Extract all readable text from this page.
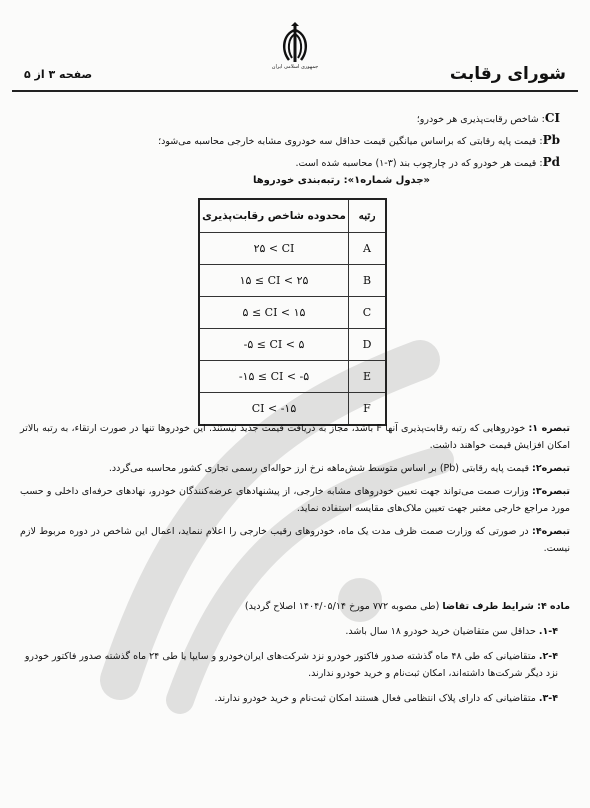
جمهوری اسلامی ایران	شورای رقابت
صفحه ۳ از ۵
CI: شاخص رقابت‌پذیری هر خودرو؛
Pb: قیمت پایه رقابتی که براساس میانگین قیمت حداقل سه خودروی مشابه خارجی محاسبه می‌شود؛
Pd: قیمت هر خودرو که در چارچوب بند (۳-۱) محاسبه شده است.
«جدول شماره۱»: رتبه‌بندی خودروها
رتبه	محدوده شاخص رقابت‌پذیری
A	۲۵ < CI
B	۱۵ ≤ CI < ۲۵
C	۵ ≤ CI < ۱۵
D	-۵ ≤ CI < ۵
E	-۱۵ ≤ CI < -۵
F	CI < -۱۵
تبصره ۱: خودروهایی که رتبه رقابت‌پذیری آنها F باشد، مجاز به دریافت قیمت جدید نیستند. این خودروها تنها در صورت ارتقاء، به رتبه بالاتر امکان افزایش قیمت خواهند داشت.
تبصره۲: قیمت پایه رقابتی (Pb) بر اساس متوسط شش‌ماهه نرخ ارز حواله‌ای رسمی تجاری کشور محاسبه می‌گردد.
تبصره۳: وزارت صمت می‌تواند جهت تعیین خودروهای مشابه خارجی، از پیشنهادهای عرضه‌کنندگان خودرو، نهادهای حرفه‌ای داخلی و حسب مورد مراجع خارجی معتبر جهت تعیین ملاک‌های مقایسه استفاده نماید.
تبصره۴: در صورتی که وزارت صمت ظرف مدت یک ماه، خودروهای رقیب خارجی را اعلام ننماید، اعمال این شاخص در دوره مربوط لازم نیست.
ماده ۴: شرایط طرف تقاضا (طی مصوبه ۷۷۲ مورخ ۱۴۰۴/۰۵/۱۴ اصلاح گردید)
۱-۴. حداقل سن متقاضیان خرید خودرو ۱۸ سال باشد.
۲-۴. متقاضیانی که طی ۴۸ ماه گذشته صدور فاکتور خودرو نزد شرکت‌های ایران‌خودرو و سایپا یا طی ۲۴ ماه گذشته صدور فاکتور خودرو نزد دیگر شرکت‌ها داشته‌اند، امکان ثبت‌نام و خرید خودرو ندارند.
۳-۴. متقاضیانی که دارای پلاک انتظامی فعال هستند امکان ثبت‌نام و خرید خودرو ندارند.
